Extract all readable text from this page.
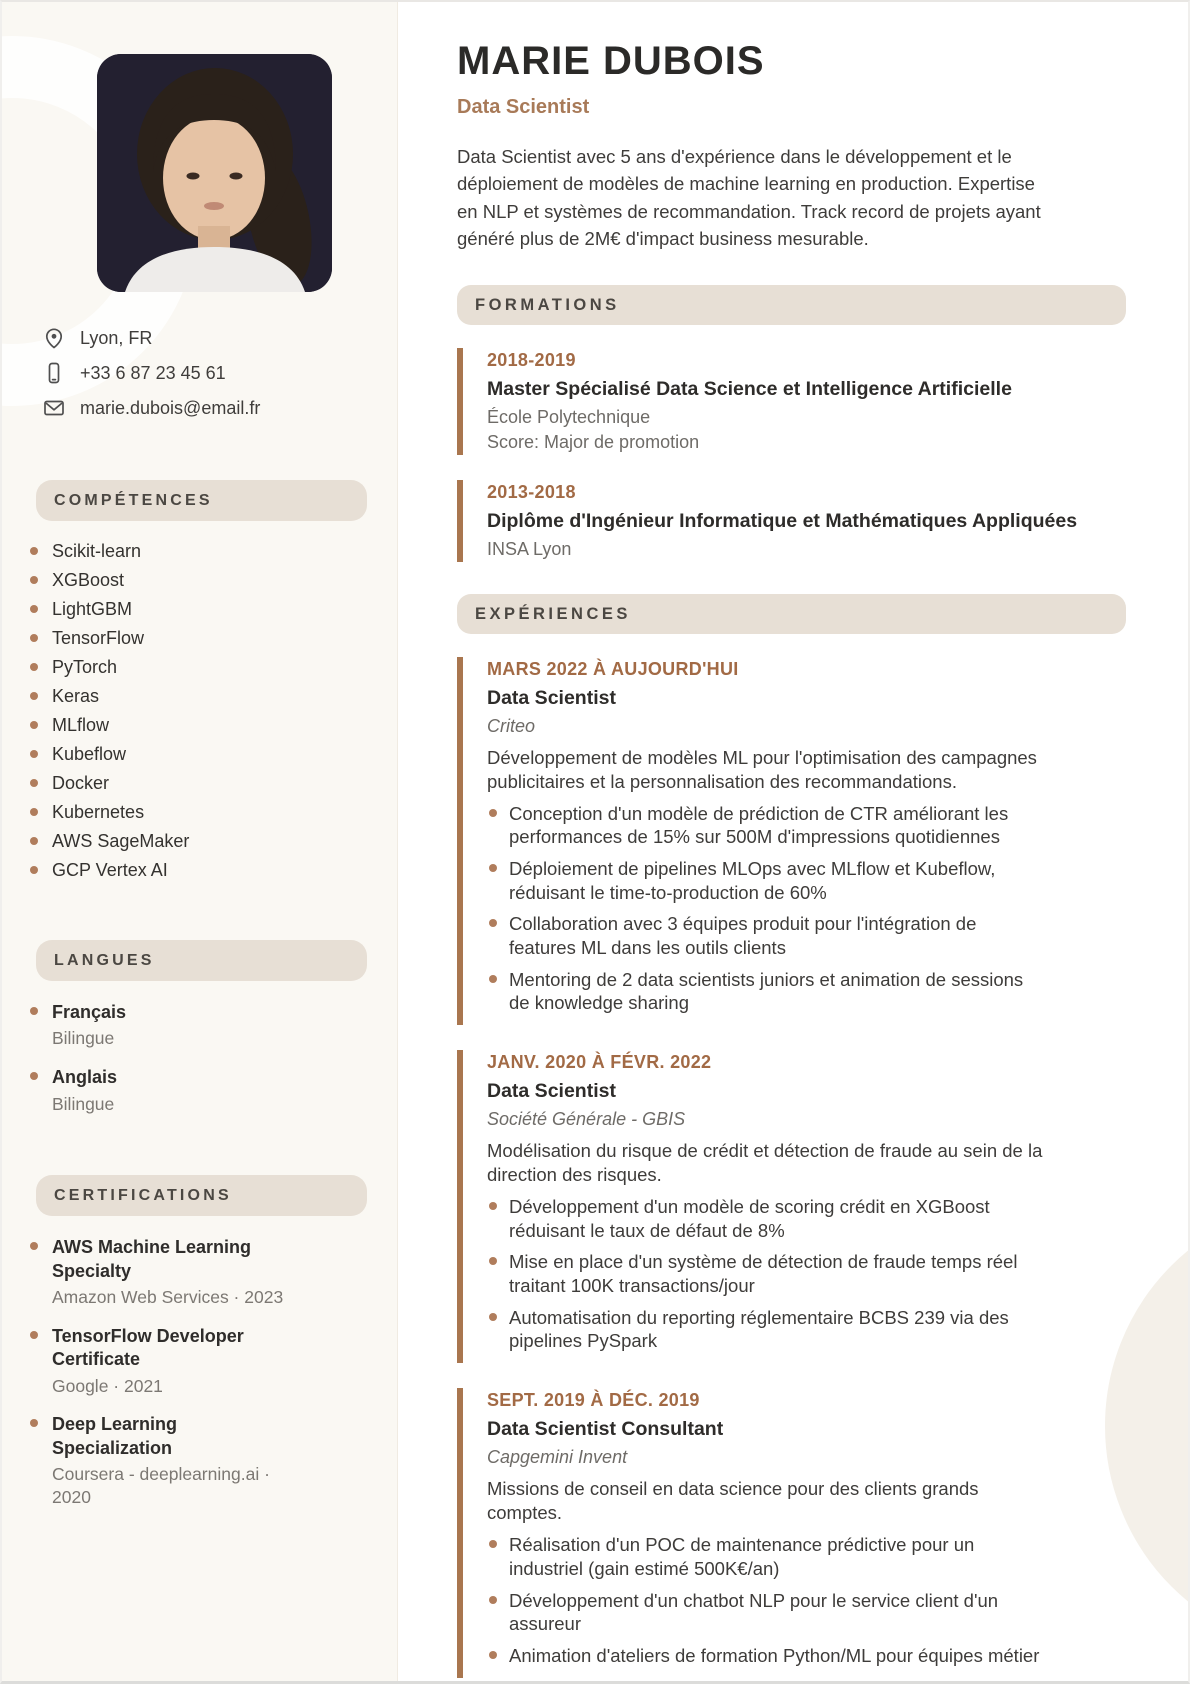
Lyon, FR
+33 6 87 23 45 61
marie.dubois@email.fr
COMPÉTENCES
Scikit-learn
XGBoost
LightGBM
TensorFlow
PyTorch
Keras
MLflow
Kubeflow
Docker
Kubernetes
AWS SageMaker
GCP Vertex AI
LANGUES
Français
Bilingue
Anglais
Bilingue
CERTIFICATIONS
AWS Machine Learning Specialty
Amazon Web Services · 2023
TensorFlow Developer Certificate
Google · 2021
Deep Learning Specialization
Coursera - deeplearning.ai · 2020
MARIE DUBOIS
Data Scientist

Data Scientist avec 5 ans d'expérience dans le développement et le déploiement de modèles de machine learning en production. Expertise en NLP et systèmes de recommandation. Track record de projets ayant généré plus de 2M€ d'impact business mesurable.

FORMATIONS
2018-2019
Master Spécialisé Data Science et Intelligence Artificielle
École Polytechnique
Score: Major de promotion
2013-2018
Diplôme d'Ingénieur Informatique et Mathématiques Appliquées
INSA Lyon
EXPÉRIENCES
MARS 2022 À AUJOURD'HUI
Data Scientist
Criteo
Développement de modèles ML pour l'optimisation des campagnes publicitaires et la personnalisation des recommandations.
Conception d'un modèle de prédiction de CTR améliorant les performances de 15% sur 500M d'impressions quotidiennes
Déploiement de pipelines MLOps avec MLflow et Kubeflow, réduisant le time-to-production de 60%
Collaboration avec 3 équipes produit pour l'intégration de features ML dans les outils clients
Mentoring de 2 data scientists juniors et animation de sessions de knowledge sharing
JANV. 2020 À FÉVR. 2022
Data Scientist
Société Générale - GBIS
Modélisation du risque de crédit et détection de fraude au sein de la direction des risques.
Développement d'un modèle de scoring crédit en XGBoost réduisant le taux de défaut de 8%
Mise en place d'un système de détection de fraude temps réel traitant 100K transactions/jour
Automatisation du reporting réglementaire BCBS 239 via des pipelines PySpark
SEPT. 2019 À DÉC. 2019
Data Scientist Consultant
Capgemini Invent
Missions de conseil en data science pour des clients grands comptes.
Réalisation d'un POC de maintenance prédictive pour un industriel (gain estimé 500K€/an)
Développement d'un chatbot NLP pour le service client d'un assureur
Animation d'ateliers de formation Python/ML pour équipes métier
